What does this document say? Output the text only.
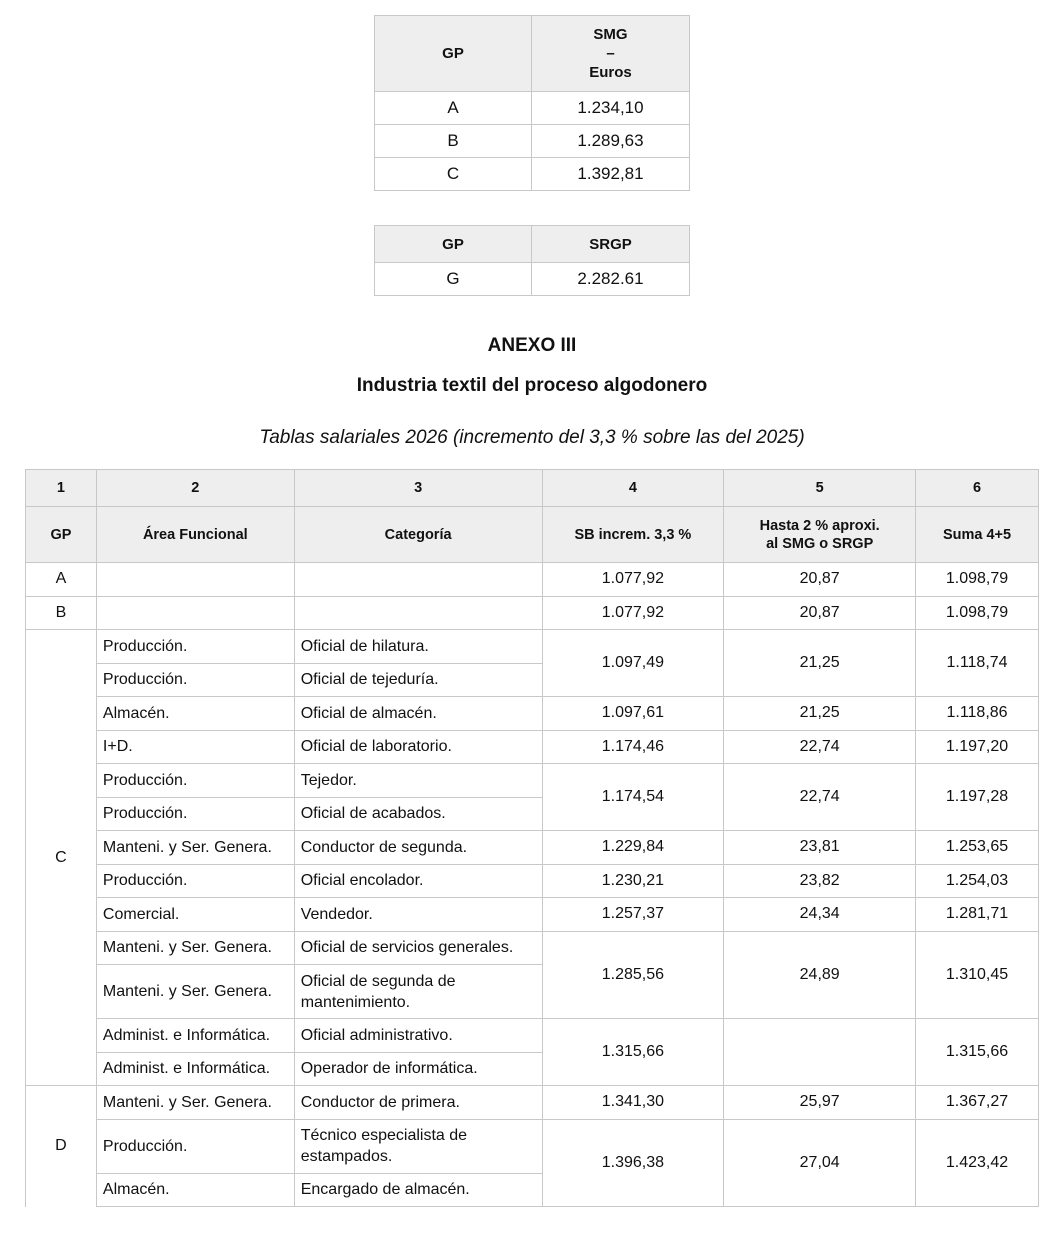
GP	SMG
–
Euros

A	1.234,10
B	1.289,63
C	1.392,81
GP	SRGP
G	2.282.61
ANEXO III
Industria textil del proceso algodonero
Tablas salariales 2026 (incremento del 3,3 % sobre las del 2025)
1	2	3	4	5	6
GP	Área Funcional	Categoría	SB increm. 3,3 %	Hasta 2 % aproxi.
al SMG o SRGP	Suma 4+5
A			1.077,92	20,87	1.098,79
B			1.077,92	20,87	1.098,79
C	Producción.	Oficial de hilatura.	1.097,49	21,25	1.118,74
	Producción.	Oficial de tejeduría.			
	Almacén.	Oficial de almacén.	1.097,61	21,25	1.118,86
	I+D.	Oficial de laboratorio.	1.174,46	22,74	1.197,20
	Producción.	Tejedor.	1.174,54	22,74	1.197,28
	Producción.	Oficial de acabados.			
	Manteni. y Ser. Genera.	Conductor de segunda.	1.229,84	23,81	1.253,65
	Producción.	Oficial encolador.	1.230,21	23,82	1.254,03
	Comercial.	Vendedor.	1.257,37	24,34	1.281,71
	Manteni. y Ser. Genera.	Oficial de servicios generales.	1.285,56	24,89	1.310,45
	Manteni. y Ser. Genera.	Oficial de segunda de mantenimiento.			
	Administ. e Informática.	Oficial administrativo.	1.315,66		1.315,66
	Administ. e Informática.	Operador de informática.			
D	Manteni. y Ser. Genera.	Conductor de primera.	1.341,30	25,97	1.367,27
	Producción.	Técnico especialista de estampados.	1.396,38	27,04	1.423,42
	Almacén.	Encargado de almacén.			
